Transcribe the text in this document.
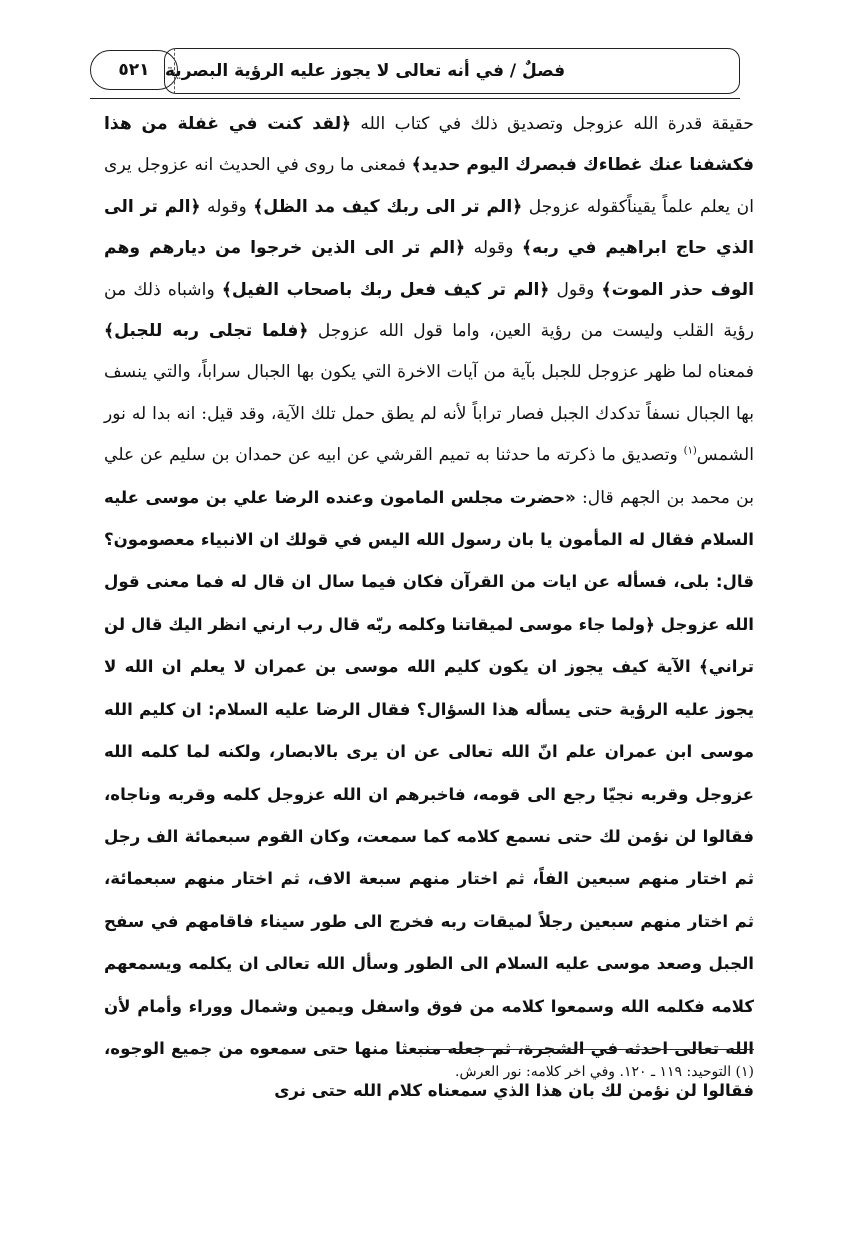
فصلٌ / في أنه تعالى لا يجوز عليه الرؤية البصرية
٥٢١

حقيقة قدرة الله عزوجل وتصديق ذلك في كتاب الله ﴿لقد كنت في غفلة من هذا فكشفنا عنك غطاءك فبصرك اليوم حديد﴾ فمعنى ما روى في الحديث انه عزوجل يرى ان يعلم علماً يقيناًكقوله عزوجل ﴿الم تر الى ربك كيف مد الظل﴾ وقوله ﴿الم تر الى الذي حاج ابراهيم في ربه﴾ وقوله ﴿الم تر الى الذين خرجوا من ديارهم وهم الوف حذر الموت﴾ وقول ﴿الم تر كيف فعل ربك باصحاب الفيل﴾ واشباه ذلك من رؤية القلب وليست من رؤية العين، واما قول الله عزوجل ﴿فلما تجلى ربه للجبل﴾ فمعناه لما ظهر عزوجل للجبل بآية من آيات الاخرة التي يكون بها الجبال سراباً، والتي ينسف بها الجبال نسفاً تدكدك الجبل فصار تراباً لأنه لم يطق حمل تلك الآية، وقد قيل: انه بدا له نور الشمس$^{(١)}$ وتصديق ما ذكرته ما حدثنا به تميم القرشي عن ابيه عن حمدان بن سليم عن علي بن محمد بن الجهم قال: «حضرت مجلس المامون وعنده الرضا علي بن موسى عليه السلام فقال له المأمون يا بان رسول الله اليس في قولك ان الانبياء معصومون؟ قال: بلى، فسأله عن ايات من القرآن فكان فيما سال ان قال له فما معنى قول الله عزوجل ﴿ولما جاء موسى لميقاتنا وكلمه ربّه قال رب ارني انظر اليك قال لن تراني﴾ الآية كيف يجوز ان يكون كليم الله موسى بن عمران لا يعلم ان الله لا يجوز عليه الرؤية حتى يسأله هذا السؤال؟ فقال الرضا عليه السلام: ان كليم الله موسى ابن عمران علم انّ الله تعالى عن ان يرى بالابصار، ولكنه لما كلمه الله عزوجل وقربه نجيّا رجع الى قومه، فاخبرهم ان الله عزوجل كلمه وقربه وناجاه، فقالوا لن نؤمن لك حتى نسمع كلامه كما سمعت، وكان القوم سبعمائة الف رجل ثم اختار منهم سبعين الفاً، ثم اختار منهم سبعة الاف، ثم اختار منهم سبعمائة، ثم اختار منهم سبعين رجلاً لميقات ربه فخرج الى طور سيناء فاقامهم في سفح الجبل وصعد موسى عليه السلام الى الطور وسأل الله تعالى ان يكلمه ويسمعهم كلامه فكلمه الله وسمعوا كلامه من فوق واسفل ويمين وشمال ووراء وأمام لأن الله تعالى احدثه في الشجرة، ثم جعله منبعثا منها حتى سمعوه من جميع الوجوه، فقالوا لن نؤمن لك بان هذا الذي سمعناه كلام الله حتى نرى

(١) التوحيد: ١١٩ ـ ١٢٠. وفي اخر كلامه: نور العرش.
